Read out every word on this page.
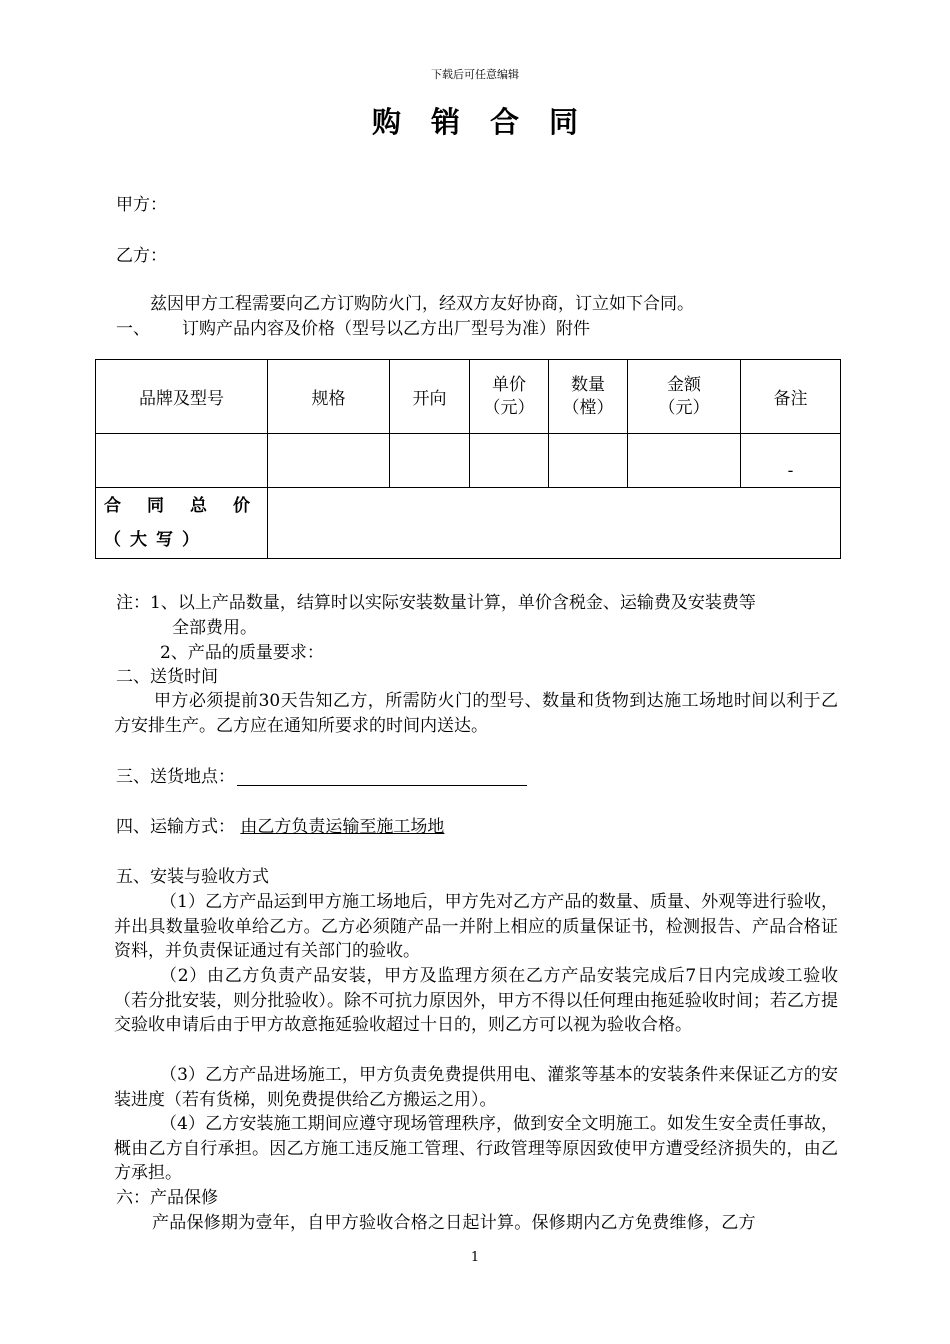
下载后可任意编辑
购销合同
甲方：
乙方：
兹因甲方工程需要向乙方订购防火门，经双方友好协商，订立如下合同。
一、 订购产品内容及价格（型号以乙方出厂型号为准）附件
品牌及型号	规格	开向	单价（元）	数量（樘）	金额（元）	备注
						-
合同总价（大写）						
注：1、以上产品数量，结算时以实际安装数量计算，单价含税金、运输费及安装费等
全部费用。
2、产品的质量要求：
二、送货时间
甲方必须提前30天告知乙方，所需防火门的型号、数量和货物到达施工场地时间以利于乙方安排生产。乙方应在通知所要求的时间内送达。
三、送货地点：
四、运输方式： 由乙方负责运输至施工场地
五、安装与验收方式
（1）乙方产品运到甲方施工场地后，甲方先对乙方产品的数量、质量、外观等进行验收，并出具数量验收单给乙方。乙方必须随产品一并附上相应的质量保证书，检测报告、产品合格证资料，并负责保证通过有关部门的验收。
（2）由乙方负责产品安装，甲方及监理方须在乙方产品安装完成后7日内完成竣工验收（若分批安装，则分批验收）。除不可抗力原因外，甲方不得以任何理由拖延验收时间；若乙方提交验收申请后由于甲方故意拖延验收超过十日的，则乙方可以视为验收合格。
（3）乙方产品进场施工，甲方负责免费提供用电、灌浆等基本的安装条件来保证乙方的安装进度（若有货梯，则免费提供给乙方搬运之用）。
（4）乙方安装施工期间应遵守现场管理秩序，做到安全文明施工。如发生安全责任事故，概由乙方自行承担。因乙方施工违反施工管理、行政管理等原因致使甲方遭受经济损失的，由乙方承担。
六：产品保修
产品保修期为壹年，自甲方验收合格之日起计算。保修期内乙方免费维修，乙方
1
